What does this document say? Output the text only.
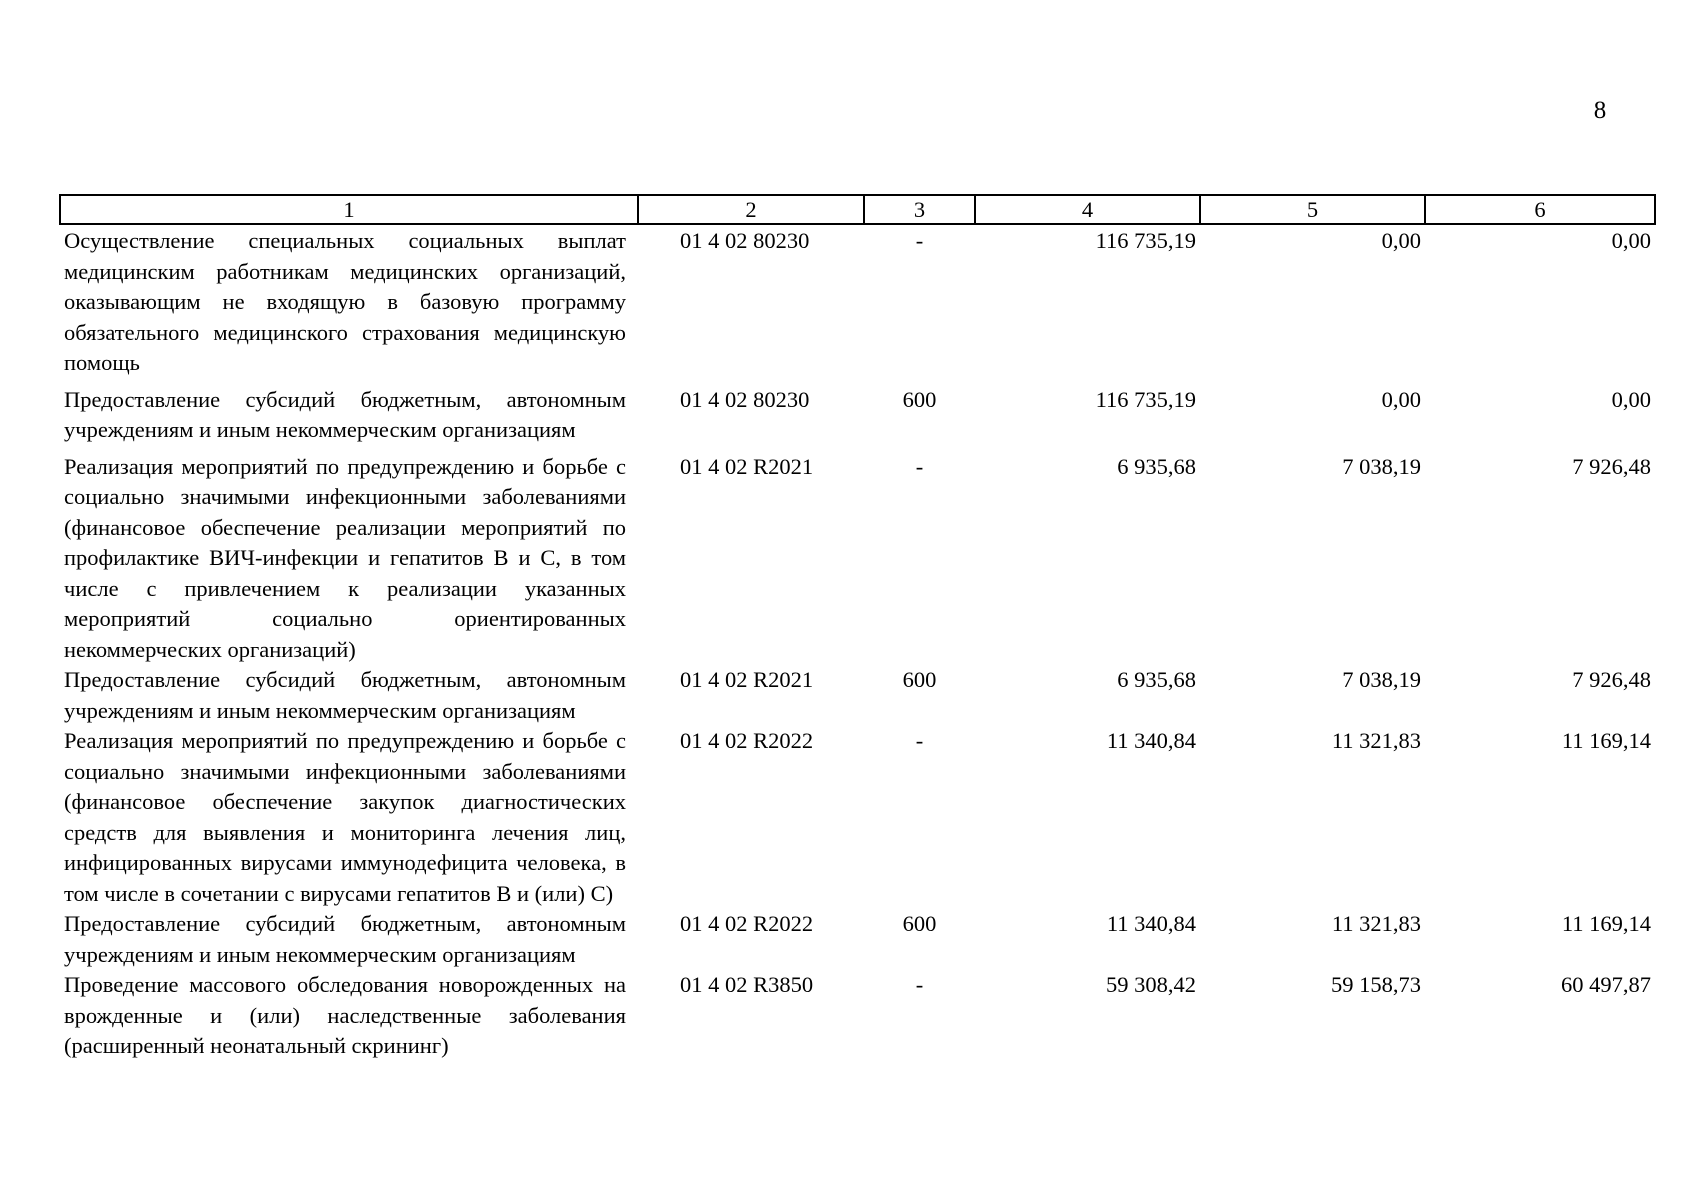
8
1	2	3	4	5	6
Осуществление специальных социальных выплат медицинским работникам медицинских организаций, оказывающим не входящую в базовую программу обязательного медицинского страхования медицинскую помощь	01 4 02 80230	-	116 735,19	0,00	0,00
Предоставление субсидий бюджетным, автономным учреждениям и иным некоммерческим организациям	01 4 02 80230	600	116 735,19	0,00	0,00
Реализация мероприятий по предупреждению и борьбе с социально значимыми инфекционными заболеваниями (финансовое обеспечение реализации мероприятий по профилактике ВИЧ-инфекции и гепатитов В и С, в том числе с привлечением к реализации указанных мероприятий социально ориентированных некоммерческих организаций)	01 4 02 R2021	-	6 935,68	7 038,19	7 926,48
Предоставление субсидий бюджетным, автономным учреждениям и иным некоммерческим организациям	01 4 02 R2021	600	6 935,68	7 038,19	7 926,48
Реализация мероприятий по предупреждению и борьбе с социально значимыми инфекционными заболеваниями (финансовое обеспечение закупок диагностических средств для выявления и мониторинга лечения лиц, инфицированных вирусами иммунодефицита человека, в том числе в сочетании с вирусами гепатитов В и (или) С)	01 4 02 R2022	-	11 340,84	11 321,83	11 169,14
Предоставление субсидий бюджетным, автономным учреждениям и иным некоммерческим организациям	01 4 02 R2022	600	11 340,84	11 321,83	11 169,14
Проведение массового обследования новорожденных на врожденные и (или) наследственные заболевания (расширенный неонатальный скрининг)	01 4 02 R3850	-	59 308,42	59 158,73	60 497,87
